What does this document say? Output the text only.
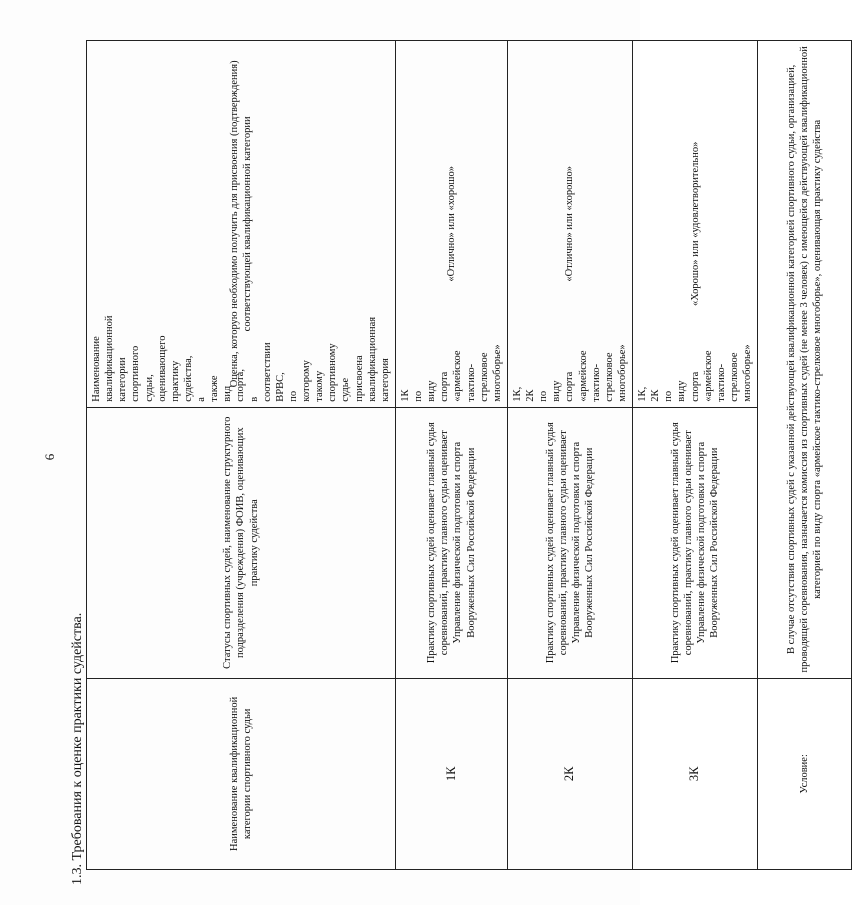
6
1.3. Требования к оценке практики судейства.	Наименование квалификационной категории спортивного судьи	Статусы спортивных судей, наименование структурного подразделения (учреждения) ФОИВ, оценивающих практику судейства	Наименование квалификационной категории спортивного судьи, оценивающего практику судейства, а также вид спорта, в соответствии ВРВС, по которому такому спортивному судье присвоена квалификационная категория	Оценка, которую необходимо получить для присвоения (подтверждения) соответствующей квалификационной категории
1К	Практику спортивных судей оценивает главный судья соревнований, практику главного судьи оценивает Управление физической подготовки и спорта Вооруженных Сил Российской Федерации	1К по виду спорта «армейское тактико-стрелковое многоборье»	«Отлично» или «хорошо»
2К	Практику спортивных судей оценивает главный судья соревнований, практику главного судьи оценивает Управление физической подготовки и спорта Вооруженных Сил Российской Федерации	1К, 2К по виду спорта «армейское тактико-стрелковое многоборье»	«Отлично» или «хорошо»
3К	Практику спортивных судей оценивает главный судья соревнований, практику главного судьи оценивает Управление физической подготовки и спорта Вооруженных Сил Российской Федерации	1К, 2К по виду спорта «армейское тактико-стрелковое многоборье»	«Хорошо» или «удовлетворительно»
Условие:	В случае отсутствия спортивных судей с указанной действующей квалификационной категорией спортивного судьи, организацией, проводящей соревнования, назначается комиссия из спортивных судей (не менее 3 человек) с имеющейся действующей квалификационной категорией по виду спорта «армейское тактико-стрелковое многоборье», оценивающая практику судейства	
